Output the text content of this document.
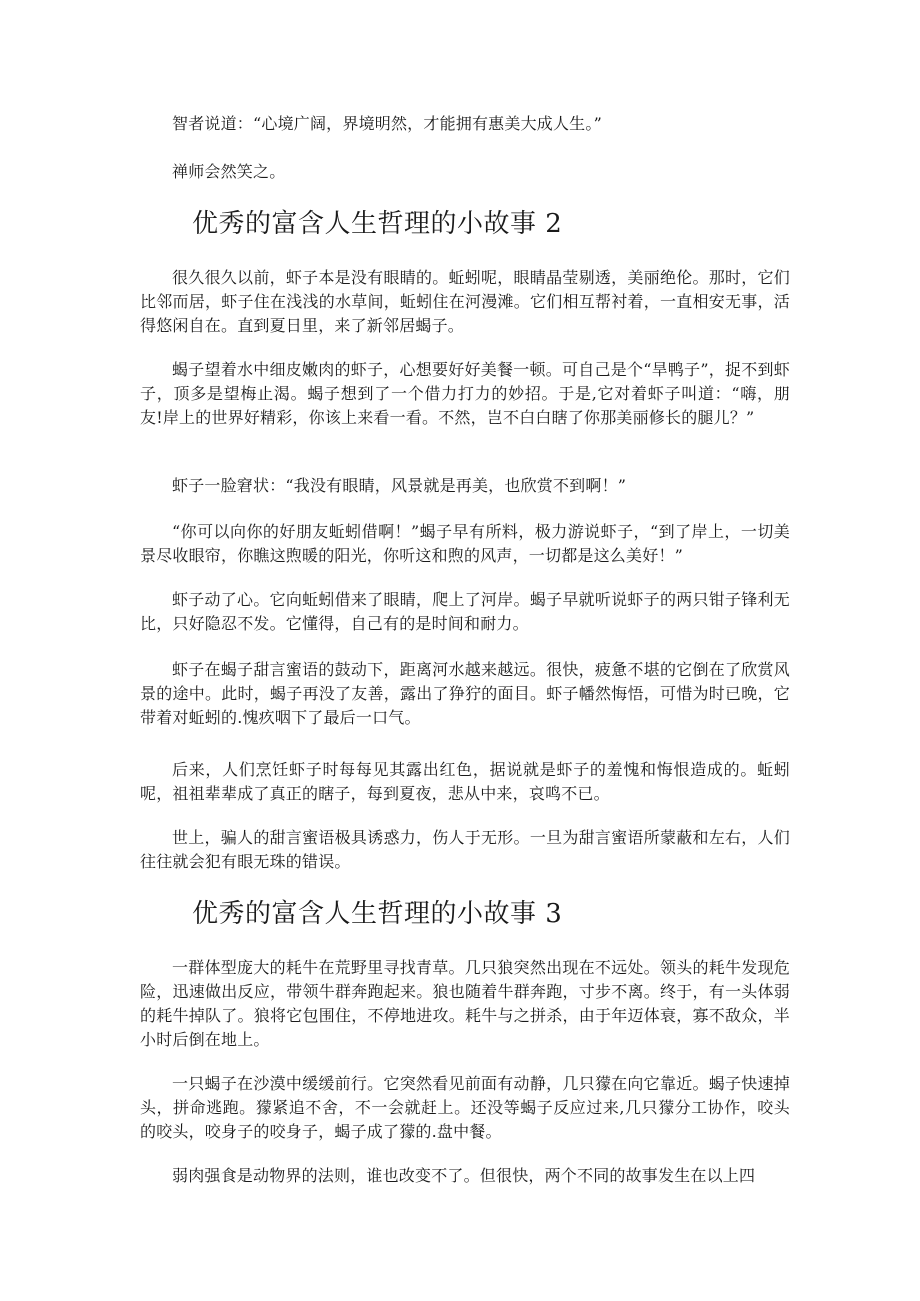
智者说道：“心境广阔，界境明然，才能拥有惠美大成人生。”

禅师会然笑之。

优秀的富含人生哲理的小故事 2

很久很久以前，虾子本是没有眼睛的。蚯蚓呢，眼睛晶莹剔透，美丽绝伦。那时，它们比邻而居，虾子住在浅浅的水草间，蚯蚓住在河漫滩。它们相互帮衬着，一直相安无事，活得悠闲自在。直到夏日里，来了新邻居蝎子。

蝎子望着水中细皮嫩肉的虾子，心想要好好美餐一顿。可自己是个“旱鸭子”，捉不到虾子，顶多是望梅止渴。蝎子想到了一个借力打力的妙招。于是,它对着虾子叫道：“嗨，朋友!岸上的世界好精彩，你该上来看一看。不然，岂不白白瞎了你那美丽修长的腿儿？”

虾子一脸窘状：“我没有眼睛，风景就是再美，也欣赏不到啊！”

“你可以向你的好朋友蚯蚓借啊！”蝎子早有所料，极力游说虾子，“到了岸上，一切美景尽收眼帘，你瞧这煦暖的阳光，你听这和煦的风声，一切都是这么美好！”

虾子动了心。它向蚯蚓借来了眼睛，爬上了河岸。蝎子早就听说虾子的两只钳子锋利无比，只好隐忍不发。它懂得，自己有的是时间和耐力。

虾子在蝎子甜言蜜语的鼓动下，距离河水越来越远。很快，疲惫不堪的它倒在了欣赏风景的途中。此时，蝎子再没了友善，露出了狰狞的面目。虾子幡然悔悟，可惜为时已晚，它带着对蚯蚓的.愧疚咽下了最后一口气。

后来，人们烹饪虾子时每每见其露出红色，据说就是虾子的羞愧和悔恨造成的。蚯蚓呢，祖祖辈辈成了真正的瞎子，每到夏夜，悲从中来，哀鸣不已。

世上，骗人的甜言蜜语极具诱惑力，伤人于无形。一旦为甜言蜜语所蒙蔽和左右，人们往往就会犯有眼无珠的错误。

优秀的富含人生哲理的小故事 3

一群体型庞大的耗牛在荒野里寻找青草。几只狼突然出现在不远处。领头的耗牛发现危险，迅速做出反应，带领牛群奔跑起来。狼也随着牛群奔跑，寸步不离。终于，有一头体弱的耗牛掉队了。狼将它包围住，不停地进攻。耗牛与之拼杀，由于年迈体衰，寡不敌众，半小时后倒在地上。

一只蝎子在沙漠中缓缓前行。它突然看见前面有动静，几只獴在向它靠近。蝎子快速掉头，拼命逃跑。獴紧追不舍，不一会就赶上。还没等蝎子反应过来,几只獴分工协作，咬头的咬头，咬身子的咬身子，蝎子成了獴的.盘中餐。

弱肉强食是动物界的法则，谁也改变不了。但很快，两个不同的故事发生在以上四
